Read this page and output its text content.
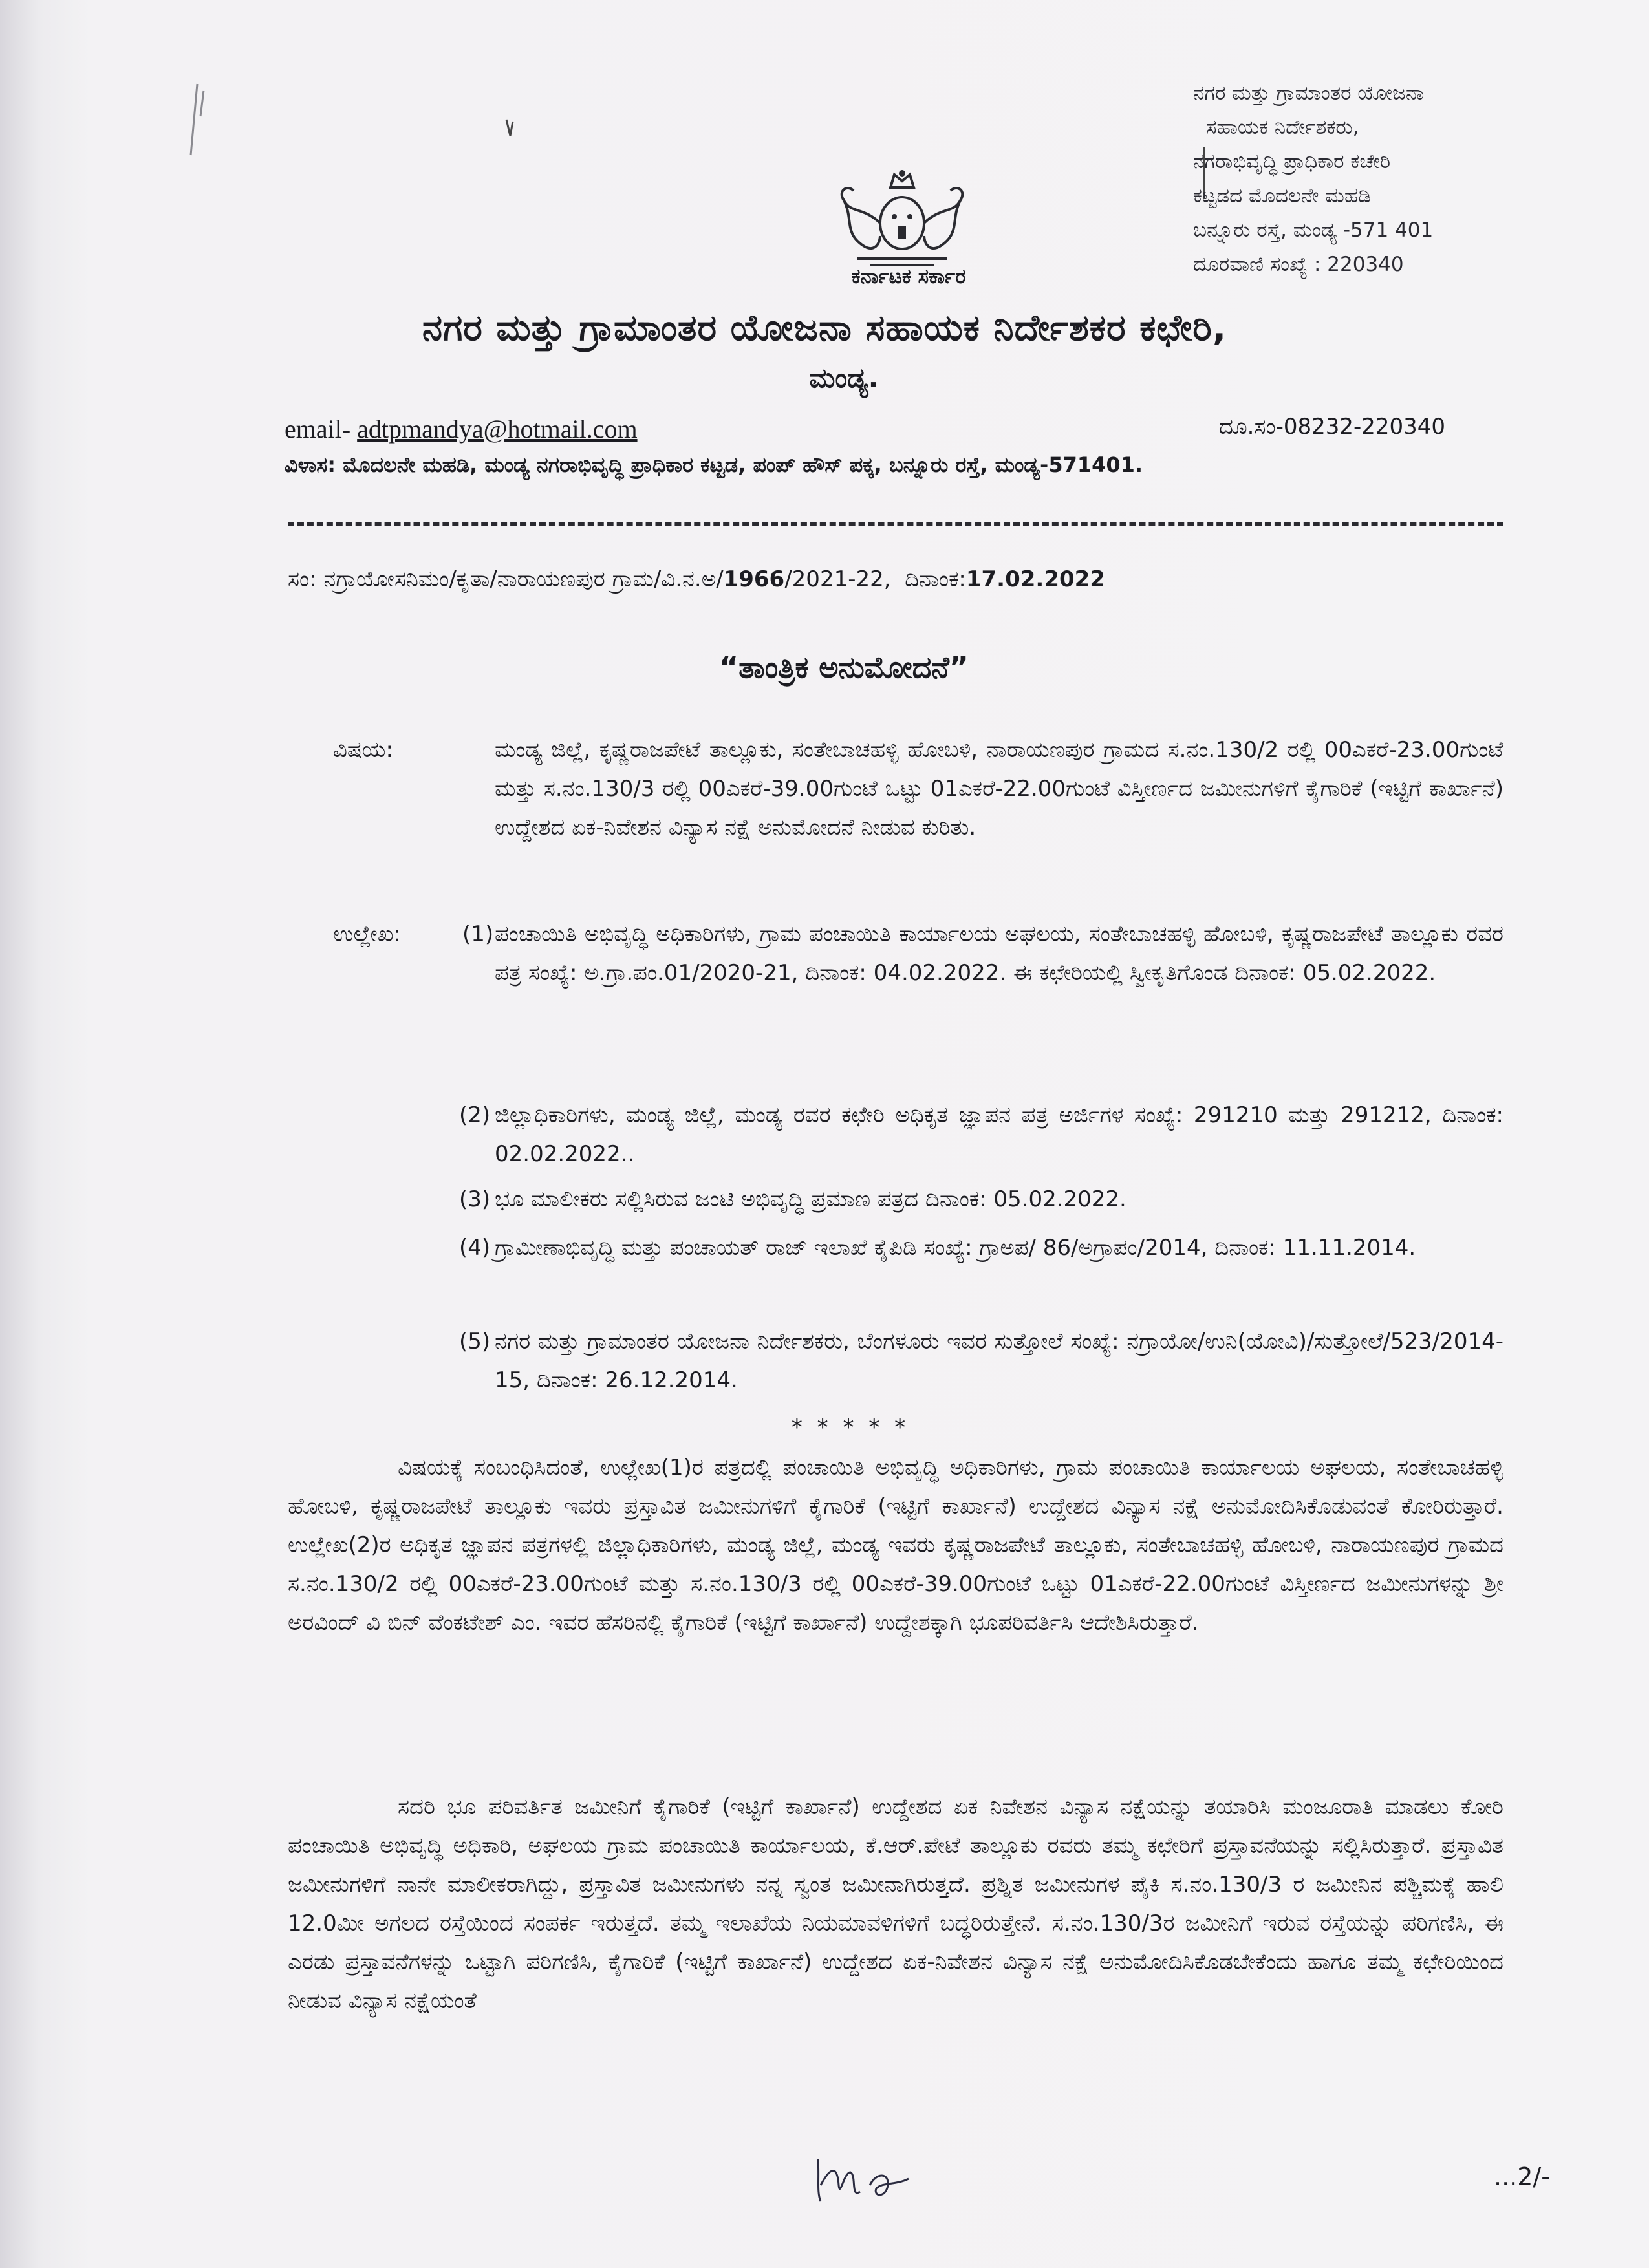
ನಗರ ಮತ್ತು ಗ್ರಾಮಾಂತರ ಯೋಜನಾ
ಸಹಾಯಕ ನಿರ್ದೇಶಕರು,
ನಗರಾಭಿವೃದ್ಧಿ ಪ್ರಾಧಿಕಾರ ಕಚೇರಿ
ಕಟ್ಟಡದ ಮೊದಲನೇ ಮಹಡಿ
ಬನ್ನೂರು ರಸ್ತೆ, ಮಂಡ್ಯ -571 401
ದೂರವಾಣಿ ಸಂಖ್ಯೆ : 220340
ಕರ್ನಾಟಕ ಸರ್ಕಾರ
ನಗರ ಮತ್ತು ಗ್ರಾಮಾಂತರ ಯೋಜನಾ ಸಹಾಯಕ ನಿರ್ದೇಶಕರ ಕಛೇರಿ,
ಮಂಡ್ಯ.
email- adtpmandya@hotmail.com	ದೂ.ಸಂ-08232-220340
ವಿಳಾಸ: ಮೊದಲನೇ ಮಹಡಿ, ಮಂಡ್ಯ ನಗರಾಭಿವೃದ್ಧಿ ಪ್ರಾಧಿಕಾರ ಕಟ್ಟಡ, ಪಂಪ್ ಹೌಸ್ ಪಕ್ಕ, ಬನ್ನೂರು ರಸ್ತೆ, ಮಂಡ್ಯ-571401.
ಸಂ: ನಗ್ರಾಯೋಸನಿಮಂ/ಕೃತಾ/ನಾರಾಯಣಪುರ ಗ್ರಾಮ/ವಿ.ನ.ಅ/1966/2021-22, ದಿನಾಂಕ:17.02.2022
“ತಾಂತ್ರಿಕ ಅನುಮೋದನೆ”
ವಿಷಯ:	ಮಂಡ್ಯ ಜಿಲ್ಲೆ, ಕೃಷ್ಣರಾಜಪೇಟೆ ತಾಲ್ಲೂಕು, ಸಂತೇಬಾಚಹಳ್ಳಿ ಹೋಬಳಿ, ನಾರಾಯಣಪುರ ಗ್ರಾಮದ ಸ.ನಂ.130/2 ರಲ್ಲಿ 00ಎಕರೆ-23.00ಗುಂಟೆ ಮತ್ತು ಸ.ನಂ.130/3 ರಲ್ಲಿ 00ಎಕರೆ-39.00ಗುಂಟೆ ಒಟ್ಟು 01ಎಕರೆ-22.00ಗುಂಟೆ ವಿಸ್ತೀರ್ಣದ ಜಮೀನುಗಳಿಗೆ ಕೈಗಾರಿಕೆ (ಇಟ್ಟಿಗೆ ಕಾರ್ಖಾನೆ) ಉದ್ದೇಶದ ಏಕ-ನಿವೇಶನ ವಿನ್ಯಾಸ ನಕ್ಷೆ ಅನುಮೋದನೆ ನೀಡುವ ಕುರಿತು.
ಉಲ್ಲೇಖ:	(1) ಪಂಚಾಯಿತಿ ಅಭಿವೃದ್ಧಿ ಅಧಿಕಾರಿಗಳು, ಗ್ರಾಮ ಪಂಚಾಯಿತಿ ಕಾರ್ಯಾಲಯ ಅಘಲಯ, ಸಂತೇಬಾಚಹಳ್ಳಿ ಹೋಬಳಿ, ಕೃಷ್ಣರಾಜಪೇಟೆ ತಾಲ್ಲೂಕು ರವರ ಪತ್ರ ಸಂಖ್ಯೆ: ಅ.ಗ್ರಾ.ಪಂ.01/2020-21, ದಿನಾಂಕ: 04.02.2022. ಈ ಕಛೇರಿಯಲ್ಲಿ ಸ್ವೀಕೃತಿಗೊಂಡ ದಿನಾಂಕ: 05.02.2022.
(2) ಜಿಲ್ಲಾಧಿಕಾರಿಗಳು, ಮಂಡ್ಯ ಜಿಲ್ಲೆ, ಮಂಡ್ಯ ರವರ ಕಛೇರಿ ಅಧಿಕೃತ ಜ್ಞಾಪನ ಪತ್ರ ಅರ್ಜಿಗಳ ಸಂಖ್ಯೆ: 291210 ಮತ್ತು 291212, ದಿನಾಂಕ: 02.02.2022..
(3) ಭೂ ಮಾಲೀಕರು ಸಲ್ಲಿಸಿರುವ ಜಂಟಿ ಅಭಿವೃದ್ಧಿ ಪ್ರಮಾಣ ಪತ್ರದ ದಿನಾಂಕ: 05.02.2022.
(4) ಗ್ರಾಮೀಣಾಭಿವೃದ್ಧಿ ಮತ್ತು ಪಂಚಾಯತ್ ರಾಜ್ ಇಲಾಖೆ ಕೈಪಿಡಿ ಸಂಖ್ಯೆ: ಗ್ರಾಅಪ/ 86/ಅಗ್ರಾಪಂ/2014, ದಿನಾಂಕ: 11.11.2014.
(5) ನಗರ ಮತ್ತು ಗ್ರಾಮಾಂತರ ಯೋಜನಾ ನಿರ್ದೇಶಕರು, ಬೆಂಗಳೂರು ಇವರ ಸುತ್ತೋಲೆ ಸಂಖ್ಯೆ: ನಗ್ರಾಯೋ/ಉನಿ(ಯೋವಿ)/ಸುತ್ತೋಲೆ/523/2014-15, ದಿನಾಂಕ: 26.12.2014.
* * * * *
ವಿಷಯಕ್ಕೆ ಸಂಬಂಧಿಸಿದಂತೆ, ಉಲ್ಲೇಖ(1)ರ ಪತ್ರದಲ್ಲಿ ಪಂಚಾಯಿತಿ ಅಭಿವೃದ್ಧಿ ಅಧಿಕಾರಿಗಳು, ಗ್ರಾಮ ಪಂಚಾಯಿತಿ ಕಾರ್ಯಾಲಯ ಅಘಲಯ, ಸಂತೇಬಾಚಹಳ್ಳಿ ಹೋಬಳಿ, ಕೃಷ್ಣರಾಜಪೇಟೆ ತಾಲ್ಲೂಕು ಇವರು ಪ್ರಸ್ತಾವಿತ ಜಮೀನುಗಳಿಗೆ ಕೈಗಾರಿಕೆ (ಇಟ್ಟಿಗೆ ಕಾರ್ಖಾನೆ) ಉದ್ದೇಶದ ವಿನ್ಯಾಸ ನಕ್ಷೆ ಅನುಮೋದಿಸಿಕೊಡುವಂತೆ ಕೋರಿರುತ್ತಾರೆ. ಉಲ್ಲೇಖ(2)ರ ಅಧಿಕೃತ ಜ್ಞಾಪನ ಪತ್ರಗಳಲ್ಲಿ ಜಿಲ್ಲಾಧಿಕಾರಿಗಳು, ಮಂಡ್ಯ ಜಿಲ್ಲೆ, ಮಂಡ್ಯ ಇವರು ಕೃಷ್ಣರಾಜಪೇಟೆ ತಾಲ್ಲೂಕು, ಸಂತೇಬಾಚಹಳ್ಳಿ ಹೋಬಳಿ, ನಾರಾಯಣಪುರ ಗ್ರಾಮದ ಸ.ನಂ.130/2 ರಲ್ಲಿ 00ಎಕರೆ-23.00ಗುಂಟೆ ಮತ್ತು ಸ.ನಂ.130/3 ರಲ್ಲಿ 00ಎಕರೆ-39.00ಗುಂಟೆ ಒಟ್ಟು 01ಎಕರೆ-22.00ಗುಂಟೆ ವಿಸ್ತೀರ್ಣದ ಜಮೀನುಗಳನ್ನು ಶ್ರೀ ಅರವಿಂದ್ ವಿ ಬಿನ್ ವೆಂಕಟೇಶ್ ಎಂ. ಇವರ ಹೆಸರಿನಲ್ಲಿ ಕೈಗಾರಿಕೆ (ಇಟ್ಟಿಗೆ ಕಾರ್ಖಾನೆ) ಉದ್ದೇಶಕ್ಕಾಗಿ ಭೂಪರಿವರ್ತಿಸಿ ಆದೇಶಿಸಿರುತ್ತಾರೆ.
ಸದರಿ ಭೂ ಪರಿವರ್ತಿತ ಜಮೀನಿಗೆ ಕೈಗಾರಿಕೆ (ಇಟ್ಟಿಗೆ ಕಾರ್ಖಾನೆ) ಉದ್ದೇಶದ ಏಕ ನಿವೇಶನ ವಿನ್ಯಾಸ ನಕ್ಷೆಯನ್ನು ತಯಾರಿಸಿ ಮಂಜೂರಾತಿ ಮಾಡಲು ಕೋರಿ ಪಂಚಾಯಿತಿ ಅಭಿವೃದ್ಧಿ ಅಧಿಕಾರಿ, ಅಘಲಯ ಗ್ರಾಮ ಪಂಚಾಯಿತಿ ಕಾರ್ಯಾಲಯ, ಕೆ.ಆರ್.ಪೇಟೆ ತಾಲ್ಲೂಕು ರವರು ತಮ್ಮ ಕಛೇರಿಗೆ ಪ್ರಸ್ತಾವನೆಯನ್ನು ಸಲ್ಲಿಸಿರುತ್ತಾರೆ. ಪ್ರಸ್ತಾವಿತ ಜಮೀನುಗಳಿಗೆ ನಾನೇ ಮಾಲೀಕರಾಗಿದ್ದು, ಪ್ರಸ್ತಾವಿತ ಜಮೀನುಗಳು ನನ್ನ ಸ್ವಂತ ಜಮೀನಾಗಿರುತ್ತದೆ. ಪ್ರಶ್ನಿತ ಜಮೀನುಗಳ ಪೈಕಿ ಸ.ನಂ.130/3 ರ ಜಮೀನಿನ ಪಶ್ಚಿಮಕ್ಕೆ ಹಾಲಿ 12.0ಮೀ ಅಗಲದ ರಸ್ತೆಯಿಂದ ಸಂಪರ್ಕ ಇರುತ್ತದೆ. ತಮ್ಮ ಇಲಾಖೆಯ ನಿಯಮಾವಳಿಗಳಿಗೆ ಬದ್ಧರಿರುತ್ತೇನೆ. ಸ.ನಂ.130/3ರ ಜಮೀನಿಗೆ ಇರುವ ರಸ್ತೆಯನ್ನು ಪರಿಗಣಿಸಿ, ಈ ಎರಡು ಪ್ರಸ್ತಾವನೆಗಳನ್ನು ಒಟ್ಟಾಗಿ ಪರಿಗಣಿಸಿ, ಕೈಗಾರಿಕೆ (ಇಟ್ಟಿಗೆ ಕಾರ್ಖಾನೆ) ಉದ್ದೇಶದ ಏಕ-ನಿವೇಶನ ವಿನ್ಯಾಸ ನಕ್ಷೆ ಅನುಮೋದಿಸಿಕೊಡಬೇಕೆಂದು ಹಾಗೂ ತಮ್ಮ ಕಛೇರಿಯಿಂದ ನೀಡುವ ವಿನ್ಯಾಸ ನಕ್ಷೆಯಂತೆ
...2/-
